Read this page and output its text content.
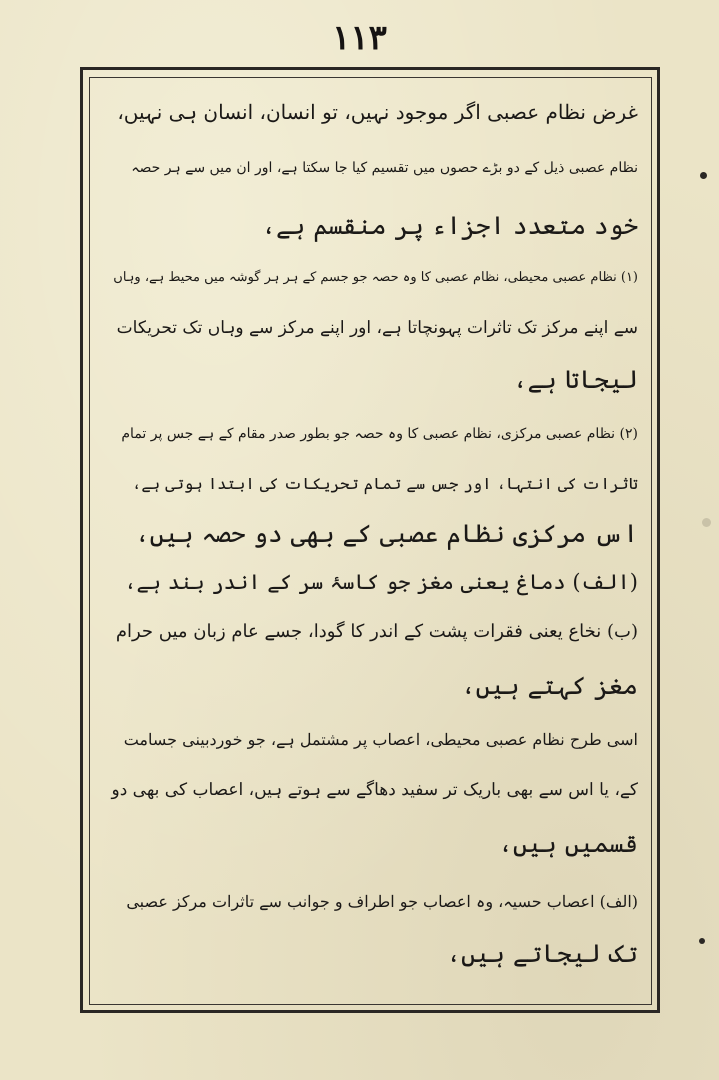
١١٣
غرض نظام عصبی اگر موجود نہیں، تو انسان، انسان ہی نہیں،
نظام عصبی ذیل کے دو بڑے حصوں میں تقسیم کیا جا سکتا ہے، اور ان میں سے ہر حصہ
خود متعدد اجزاء پر منقسم ہے،
(۱) نظام عصبی محیطی، نظام عصبی کا وہ حصہ جو جسم کے ہر ہر گوشہ میں محیط ہے، وہاں
سے اپنے مرکز تک تاثرات پہونچاتا ہے، اور اپنے مرکز سے وہاں تک تحریکات
لیجاتا ہے،
(۲) نظام عصبی مرکزی، نظام عصبی کا وہ حصہ جو بطور صدر مقام کے ہے جس پر تمام
تاثرات کی انتہا، اور جس سے تمام تحریکات کی ابتدا ہوتی ہے،
اس مرکزی نظام عصبی کے بھی دو حصہ ہیں،
(الف) دماغ یعنی مغز جو کاسۂ سر کے اندر بند ہے،
(ب) نخاع یعنی فقرات پشت کے اندر کا گودا، جسے عام زبان میں حرام
مغز کہتے ہیں،
اسی طرح نظام عصبی محیطی، اعصاب پر مشتمل ہے، جو خوردبینی جسامت
کے، یا اس سے بھی باریک تر سفید دھاگے سے ہوتے ہیں، اعصاب کی بھی دو
قسمیں ہیں،
(الف) اعصاب حسیہ، وہ اعصاب جو اطراف و جوانب سے تاثرات مرکز عصبی
تک لیجاتے ہیں،
